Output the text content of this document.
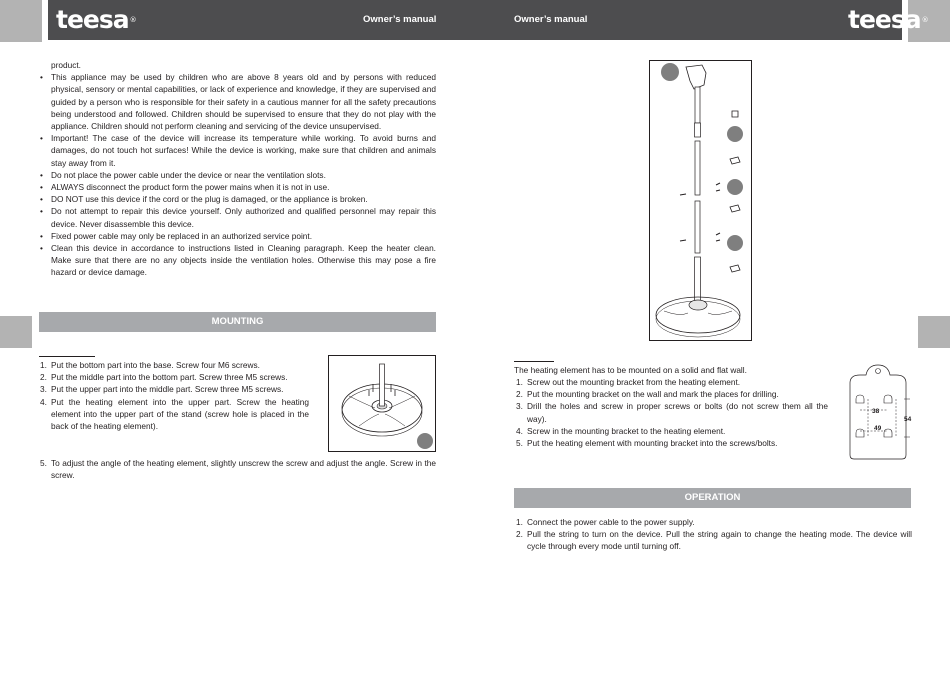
teesa®	teesa®
Owner’s manual	Owner’s manual
product.
• This appliance may be used by children who are above 8 years old and by persons with reduced physical, sensory or mental capabilities, or lack of experience and knowledge, if they are supervised and guided by a person who is responsible for their safety in a cautious manner for all the safety precautions being understood and followed. Children should be supervised to ensure that they do not play with the appliance. Children should not perform cleaning and servicing of the device unsupervised.
• Important! The case of the device will increase its temperature while working. To avoid burns and damages, do not touch hot surfaces! While the device is working, make sure that children and animals stay away from it.
• Do not place the power cable under the device or near the ventilation slots.
• ALWAYS disconnect the product form the power mains when it is not in use.
• DO NOT use this device if the cord or the plug is damaged, or the appliance is broken.
• Do not attempt to repair this device yourself. Only authorized and qualified personnel may repair this device. Never disassemble this device.
• Fixed power cable may only be replaced in an authorized service point.
• Clean this device in accordance to instructions listed in Cleaning paragraph. Keep the heater clean. Make sure that there are no any objects inside the ventilation holes. Otherwise this may pose a fire hazard or device damage.
MOUNTING
1. Put the bottom part into the base. Screw four M6 screws.
2. Put the middle part into the bottom part. Screw three M5 screws.
3. Put the upper part into the middle part. Screw three M5 screws.
4. Put the heating element into the upper part. Screw the heating element into the upper part of the stand (screw hole is placed in the back of the heating element).
5. To adjust the angle of the heating element, slightly unscrew the screw and adjust the angle. Screw in the screw.
The heating element has to be mounted on a solid and flat wall.
1. Screw out the mounting bracket from the heating element.
2. Put the mounting bracket on the wall and mark the places for drilling.
3. Drill the holes and screw in proper screws or bolts (do not screw them all the way).
4. Screw in the mounting bracket to the heating element.
5. Put the heating element with mounting bracket into the screws/bolts.
38
49
54
OPERATION
1. Connect the power cable to the power supply.
2. Pull the string to turn on the device. Pull the string again to change the heating mode. The device will cycle through every mode until turning off.
